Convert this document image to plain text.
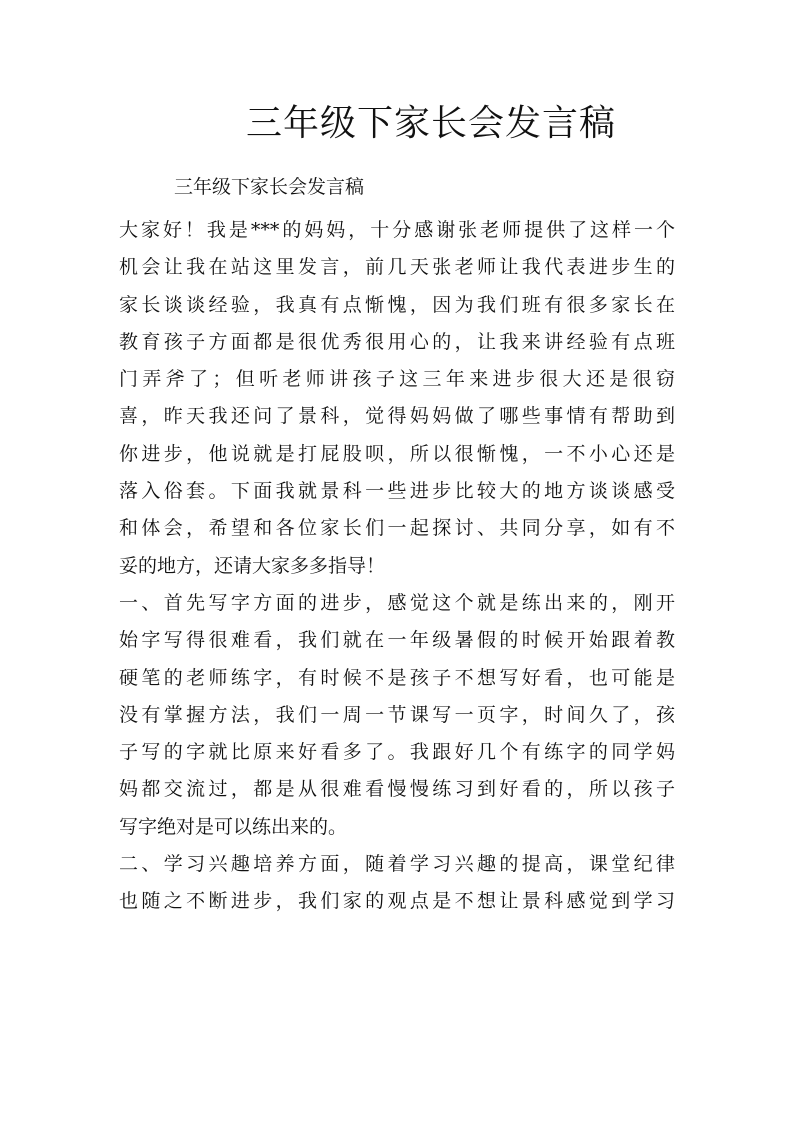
三年级下家长会发言稿

三年级下家长会发言稿

大家好！我是***的妈妈，十分感谢张老师提供了这样一个
机会让我在站这里发言，前几天张老师让我代表进步生的
家长谈谈经验，我真有点惭愧，因为我们班有很多家长在
教育孩子方面都是很优秀很用心的，让我来讲经验有点班
门弄斧了；但听老师讲孩子这三年来进步很大还是很窃
喜，昨天我还问了景科，觉得妈妈做了哪些事情有帮助到
你进步，他说就是打屁股呗，所以很惭愧，一不小心还是
落入俗套。下面我就景科一些进步比较大的地方谈谈感受
和体会，希望和各位家长们一起探讨、共同分享，如有不
妥的地方，还请大家多多指导！
一、首先写字方面的进步，感觉这个就是练出来的，刚开
始字写得很难看，我们就在一年级暑假的时候开始跟着教
硬笔的老师练字，有时候不是孩子不想写好看，也可能是
没有掌握方法，我们一周一节课写一页字，时间久了，孩
子写的字就比原来好看多了。我跟好几个有练字的同学妈
妈都交流过，都是从很难看慢慢练习到好看的，所以孩子
写字绝对是可以练出来的。
二、学习兴趣培养方面，随着学习兴趣的提高，课堂纪律
也随之不断进步，我们家的观点是不想让景科感觉到学习
